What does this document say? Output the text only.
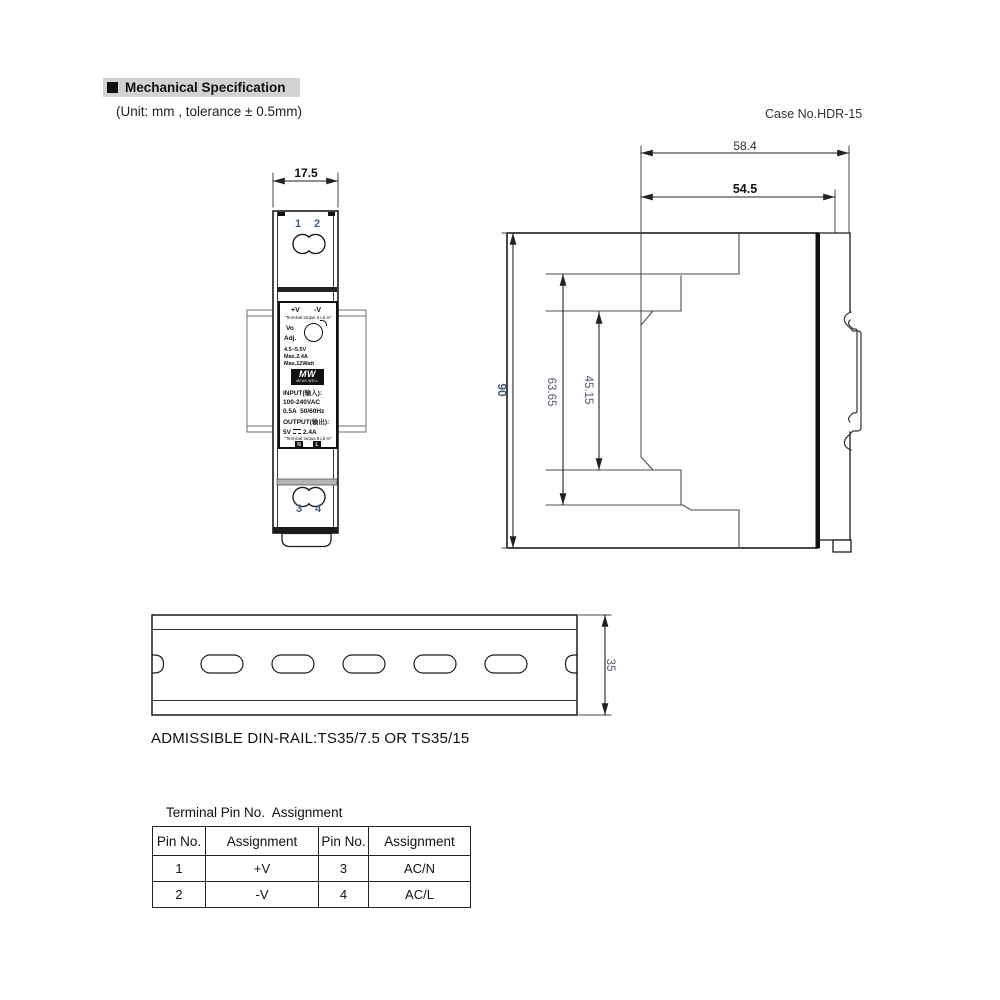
Mechanical Specification
(Unit: mm , tolerance ± 0.5mm)	Case No.HDR-15
17.5
1	2
3	4
+V -V
"Terminal torque 6 Lb-in"
Vo
Adj.
4.5~5.5V
Max.2.4A
Max.12Watt
MW
MEAN WELL
INPUT(输入):
100-240VAC
0.5A  50/60Hz
OUTPUT(输出):
5V 2.4A
"Terminal torque 5 Lb-in"
N	L
58.4
54.5
90	63.65 45.15
35
ADMISSIBLE DIN-RAIL:TS35/7.5 OR TS35/15
Terminal Pin No.  Assignment
Pin No.	Assignment	Pin No.	Assignment
1	+V	3	AC/N
2	-V	4	AC/L
